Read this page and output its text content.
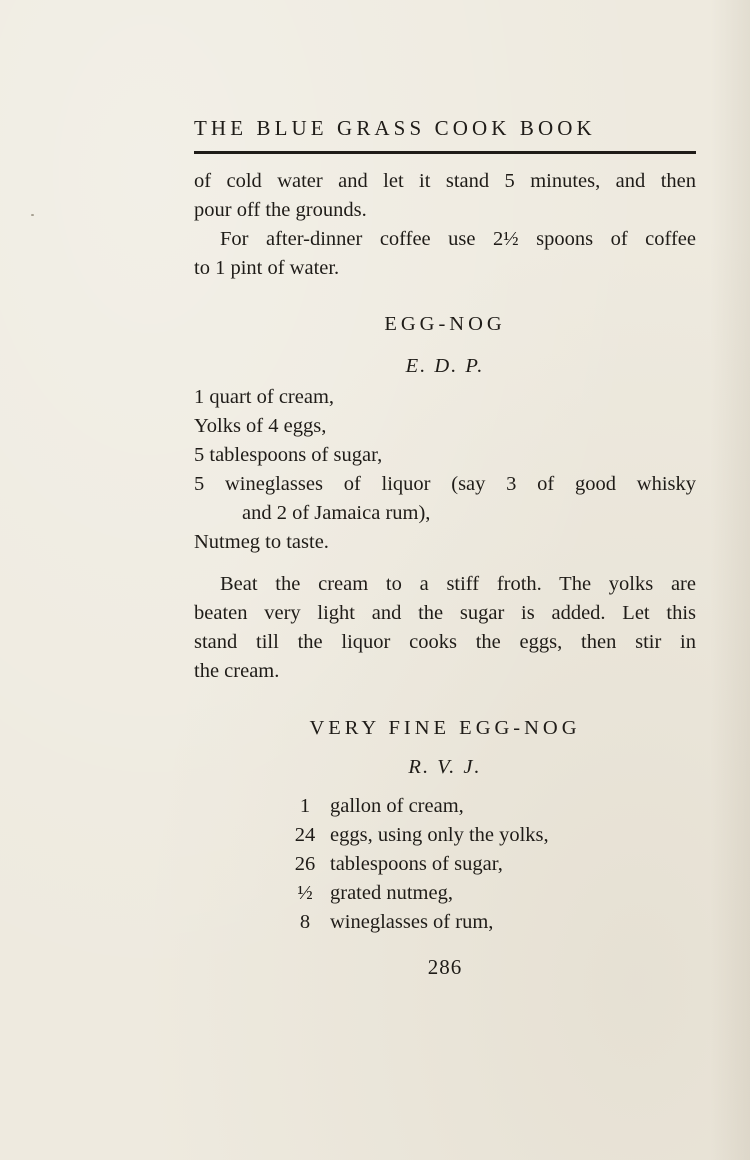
THE BLUE GRASS COOK BOOK
of cold water and let it stand 5 minutes, and then
pour off the grounds.
For after-dinner coffee use 2½ spoons of coffee
to 1 pint of water.
EGG-NOG
E. D. P.
1 quart of cream,
Yolks of 4 eggs,
5 tablespoons of sugar,
5 wineglasses of liquor (say 3 of good whisky
and 2 of Jamaica rum),
Nutmeg to taste.
Beat the cream to a stiff froth. The yolks are
beaten very light and the sugar is added. Let this
stand till the liquor cooks the eggs, then stir in
the cream.
VERY FINE EGG-NOG
R. V. J.
1 gallon of cream,
24 eggs, using only the yolks,
26 tablespoons of sugar,
½ grated nutmeg,
8 wineglasses of rum,
286
